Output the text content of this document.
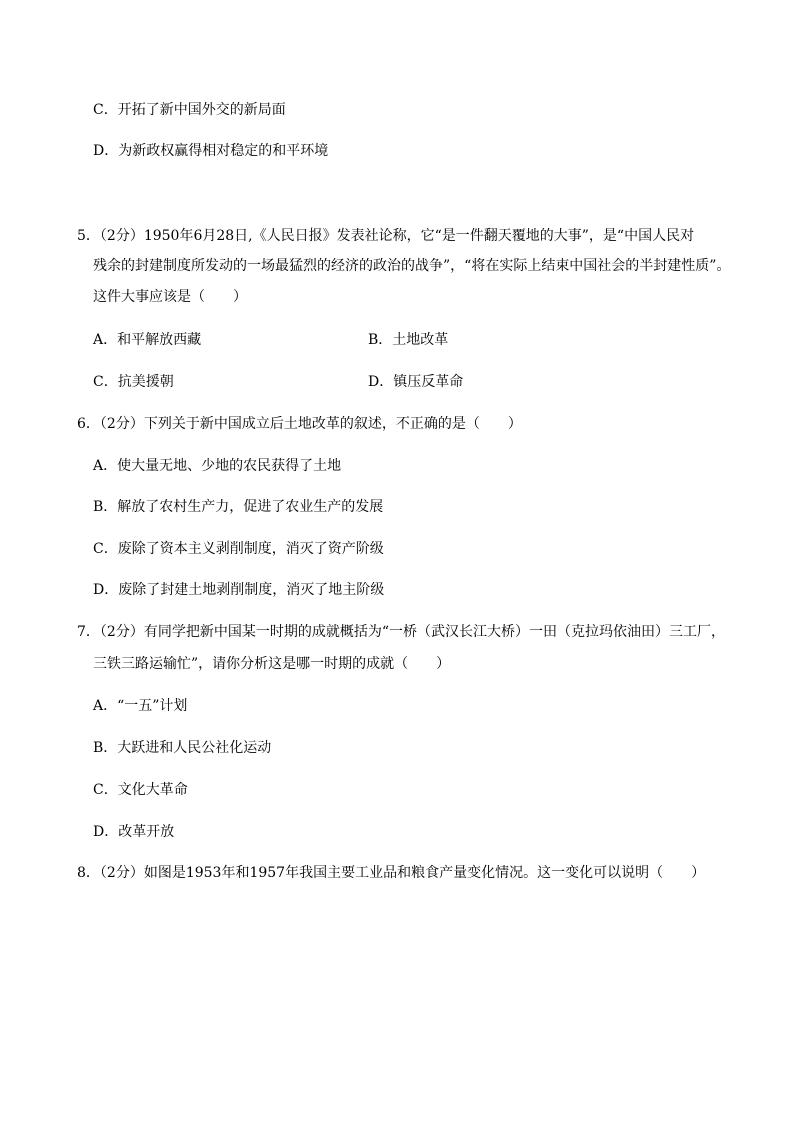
C．开拓了新中国外交的新局面
D．为新政权赢得相对稳定的和平环境
5．（2分）1950年6月28日,《人民日报》发表社论称，它“是一件翻天覆地的大事”，是“中国人民对
残余的封建制度所发动的一场最猛烈的经济的政治的战争”，“将在实际上结束中国社会的半封建性质”。
这件大事应该是（　　）
A．和平解放西藏	B．土地改革
C．抗美援朝	D．镇压反革命
6．（2分）下列关于新中国成立后土地改革的叙述，不正确的是（　　）
A．使大量无地、少地的农民获得了土地
B．解放了农村生产力，促进了农业生产的发展
C．废除了资本主义剥削制度，消灭了资产阶级
D．废除了封建土地剥削制度，消灭了地主阶级
7．（2分）有同学把新中国某一时期的成就概括为“一桥（武汉长江大桥）一田（克拉玛依油田）三工厂，
三铁三路运输忙”，请你分析这是哪一时期的成就（　　）
A．“一五”计划
B．大跃进和人民公社化运动
C．文化大革命
D．改革开放
8．（2分）如图是1953年和1957年我国主要工业品和粮食产量变化情况。这一变化可以说明（　　）
